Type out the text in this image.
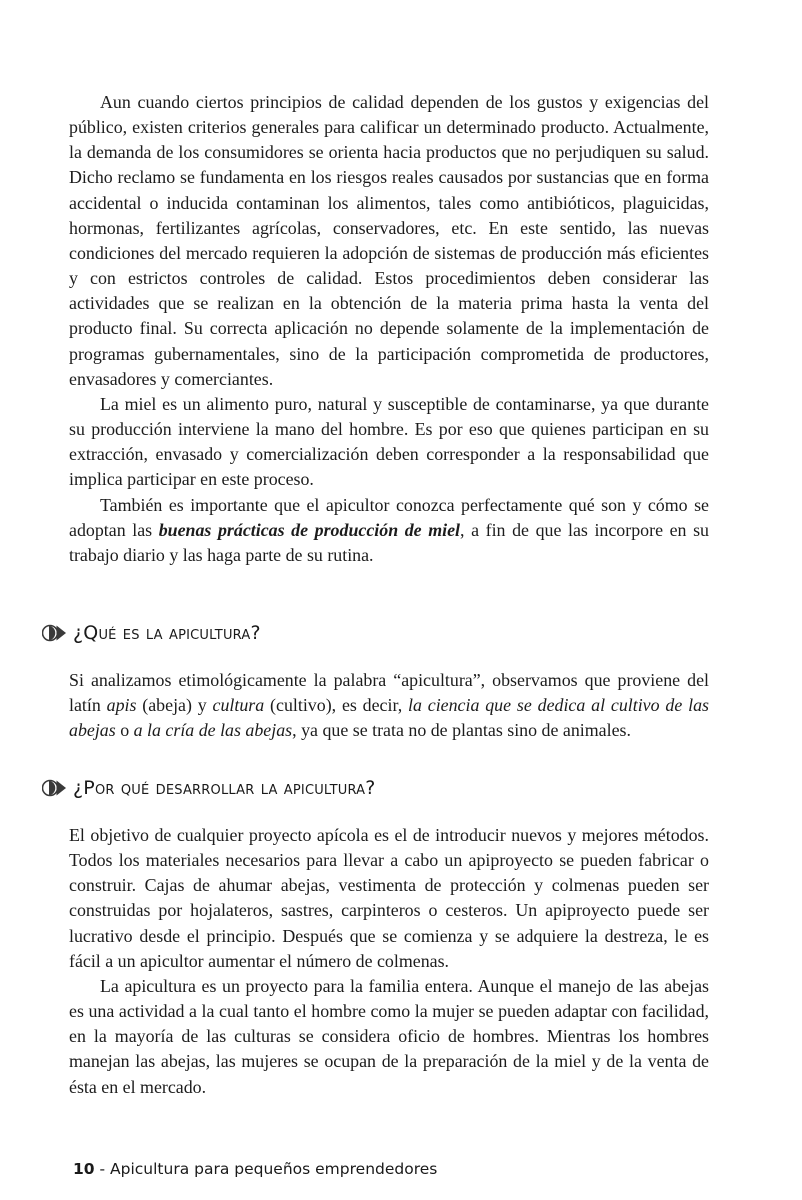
Aun cuando ciertos principios de calidad dependen de los gustos y exigencias del público, existen criterios generales para calificar un determinado producto. Actualmente, la demanda de los consumidores se orienta hacia productos que no perjudiquen su salud. Dicho reclamo se fundamenta en los riesgos reales causados por sustancias que en forma accidental o inducida contaminan los alimentos, tales como antibióticos, plaguicidas, hormonas, fertilizantes agrícolas, conservadores, etc. En este sentido, las nuevas condiciones del mercado requieren la adopción de sistemas de producción más eficientes y con estrictos controles de calidad. Estos procedimientos deben considerar las actividades que se realizan en la obtención de la materia prima hasta la venta del producto final. Su correcta aplicación no depende solamente de la implementación de programas gubernamentales, sino de la participación comprometida de productores, envasadores y comerciantes.

La miel es un alimento puro, natural y susceptible de contaminarse, ya que durante su producción interviene la mano del hombre. Es por eso que quienes participan en su extracción, envasado y comercialización deben corresponder a la responsabilidad que implica participar en este proceso.

También es importante que el apicultor conozca perfectamente qué son y cómo se adoptan las buenas prácticas de producción de miel, a fin de que las incorpore en su trabajo diario y las haga parte de su rutina.

¿Qué es la apicultura?

Si analizamos etimológicamente la palabra “apicultura”, observamos que proviene del latín apis (abeja) y cultura (cultivo), es decir, la ciencia que se dedica al cultivo de las abejas o a la cría de las abejas, ya que se trata no de plantas sino de animales.

¿Por qué desarrollar la apicultura?

El objetivo de cualquier proyecto apícola es el de introducir nuevos y mejores métodos. Todos los materiales necesarios para llevar a cabo un apiproyecto se pueden fabricar o construir. Cajas de ahumar abejas, vestimenta de protección y colmenas pueden ser construidas por hojalateros, sastres, carpinteros o cesteros. Un apiproyecto puede ser lucrativo desde el principio. Después que se comienza y se adquiere la destreza, le es fácil a un apicultor aumentar el número de colmenas.

La apicultura es un proyecto para la familia entera. Aunque el manejo de las abejas es una actividad a la cual tanto el hombre como la mujer se pueden adaptar con facilidad, en la mayoría de las culturas se considera oficio de hombres. Mientras los hombres manejan las abejas, las mujeres se ocupan de la preparación de la miel y de la venta de ésta en el mercado.

10 - Apicultura para pequeños emprendedores
